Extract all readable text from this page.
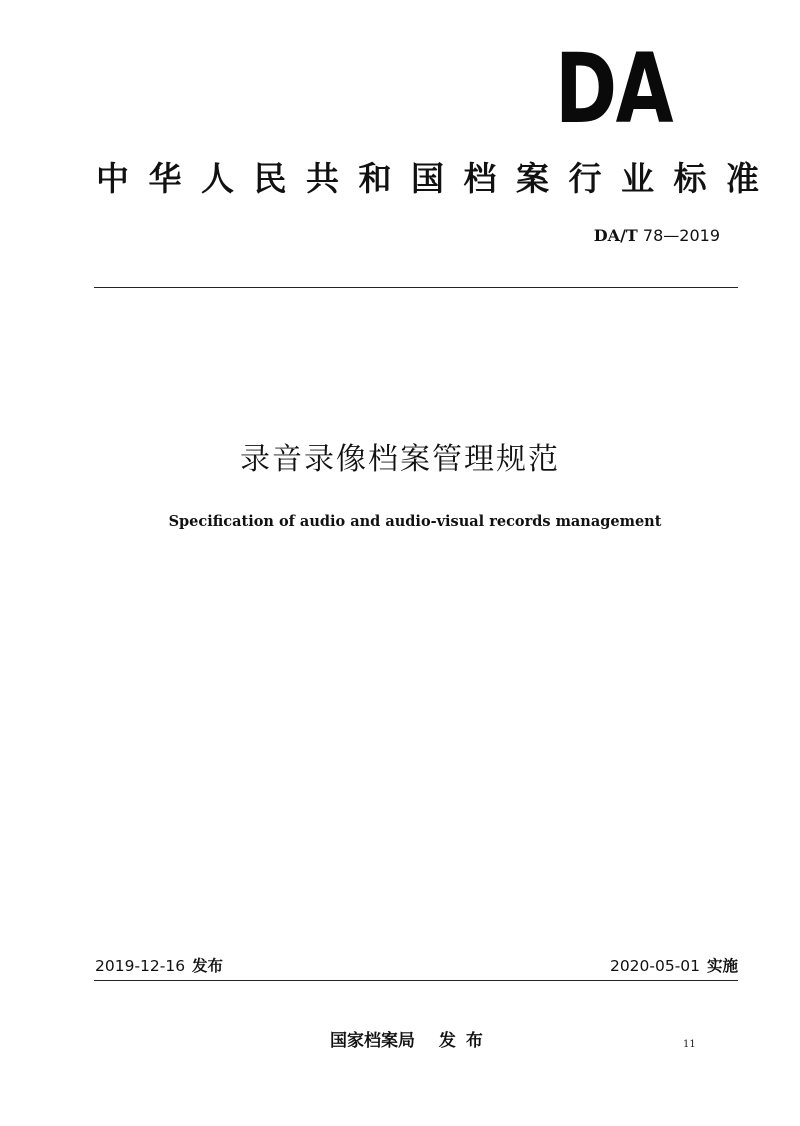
DA
中华人民共和国档案行业标准
DA/T 78—2019
录音录像档案管理规范
Specification of audio and audio-visual records management
2019-12-16 发布	2020-05-01 实施
国家档案局 发布	11
